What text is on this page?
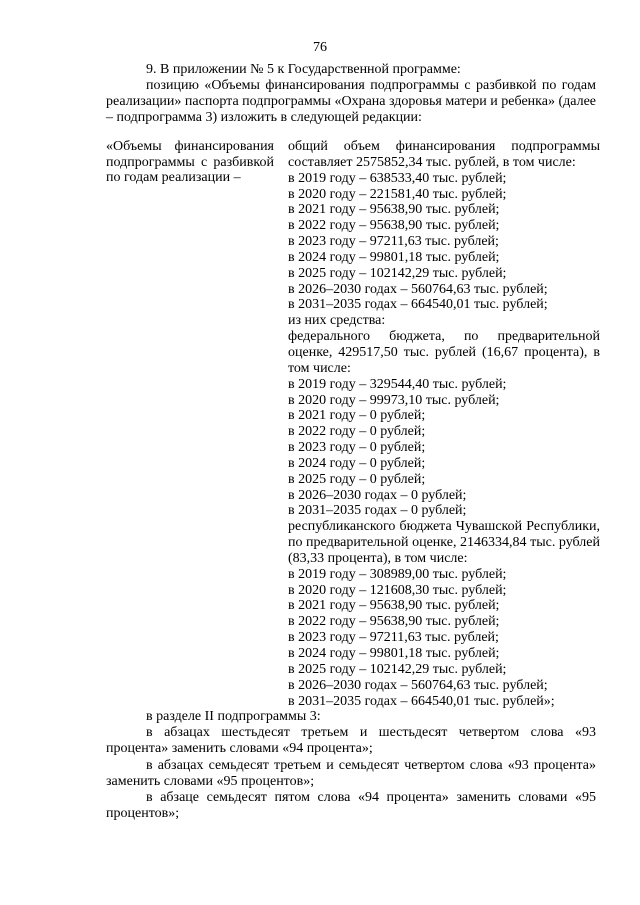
76

9. В приложении № 5 к Государственной программе:

позицию «Объемы финансирования подпрограммы с разбивкой по годам реализации» паспорта подпрограммы «Охрана здоровья матери и ребенка» (далее – подпрограмма 3) изложить в следующей редакции:

«Объемы финансирования подпрограммы с разбивкой по годам реализации –
общий объем финансирования подпрограммы составляет 2575852,34 тыс. рублей, в том числе:
в 2019 году – 638533,40 тыс. рублей;
в 2020 году – 221581,40 тыс. рублей;
в 2021 году – 95638,90 тыс. рублей;
в 2022 году – 95638,90 тыс. рублей;
в 2023 году – 97211,63 тыс. рублей;
в 2024 году – 99801,18 тыс. рублей;
в 2025 году – 102142,29 тыс. рублей;
в 2026–2030 годах – 560764,63 тыс. рублей;
в 2031–2035 годах – 664540,01 тыс. рублей;
из них средства:
федерального бюджета, по предварительной оценке, 429517,50 тыс. рублей (16,67 процента), в том числе:
в 2019 году – 329544,40 тыс. рублей;
в 2020 году – 99973,10 тыс. рублей;
в 2021 году – 0 рублей;
в 2022 году – 0 рублей;
в 2023 году – 0 рублей;
в 2024 году – 0 рублей;
в 2025 году – 0 рублей;
в 2026–2030 годах – 0 рублей;
в 2031–2035 годах – 0 рублей;
республиканского бюджета Чувашской Республики, по предварительной оценке, 2146334,84 тыс. рублей (83,33 процента), в том числе:
в 2019 году – 308989,00 тыс. рублей;
в 2020 году – 121608,30 тыс. рублей;
в 2021 году – 95638,90 тыс. рублей;
в 2022 году – 95638,90 тыс. рублей;
в 2023 году – 97211,63 тыс. рублей;
в 2024 году – 99801,18 тыс. рублей;
в 2025 году – 102142,29 тыс. рублей;
в 2026–2030 годах – 560764,63 тыс. рублей;
в 2031–2035 годах – 664540,01 тыс. рублей»;

в разделе II подпрограммы 3:

в абзацах шестьдесят третьем и шестьдесят четвертом слова «93 процента» заменить словами «94 процента»;

в абзацах семьдесят третьем и семьдесят четвертом слова «93 процента» заменить словами «95 процентов»;

в абзаце семьдесят пятом слова «94 процента» заменить словами «95 процентов»;
